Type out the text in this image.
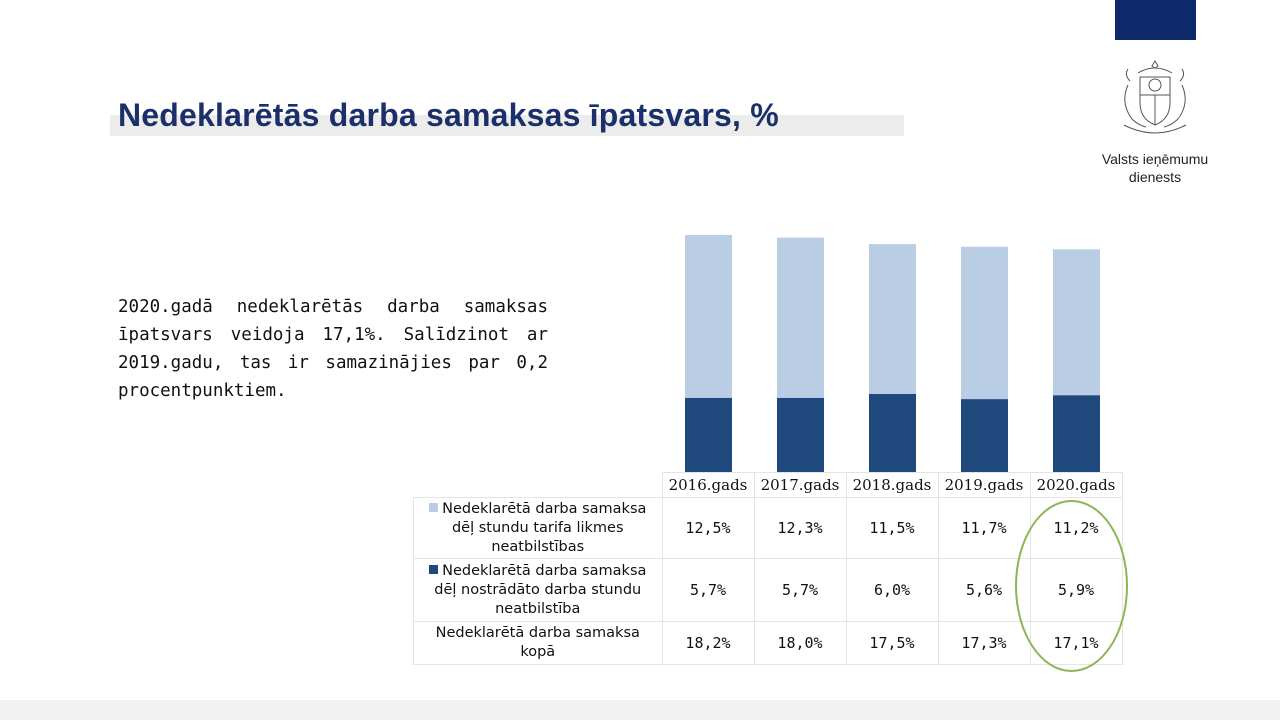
Nedeklarētās darba samaksas īpatsvars, %
Valsts ieņēmumu
dienests

2020.gadā nedeklarētās darba samaksas īpatsvars veidoja 17,1%. Salīdzinot ar 2019.gadu, tas ir samazinājies par 0,2 procentpunktiem.

	2016.gads	2017.gads	2018.gads	2019.gads	2020.gads
Nedeklarētā darba samaksa dēļ stundu tarifa likmes neatbilstības	12,5%	12,3%	11,5%	11,7%	11,2%
Nedeklarētā darba samaksa dēļ nostrādāto darba stundu neatbilstība	5,7%	5,7%	6,0%	5,6%	5,9%
Nedeklarētā darba samaksa kopā	18,2%	18,0%	17,5%	17,3%	17,1%
